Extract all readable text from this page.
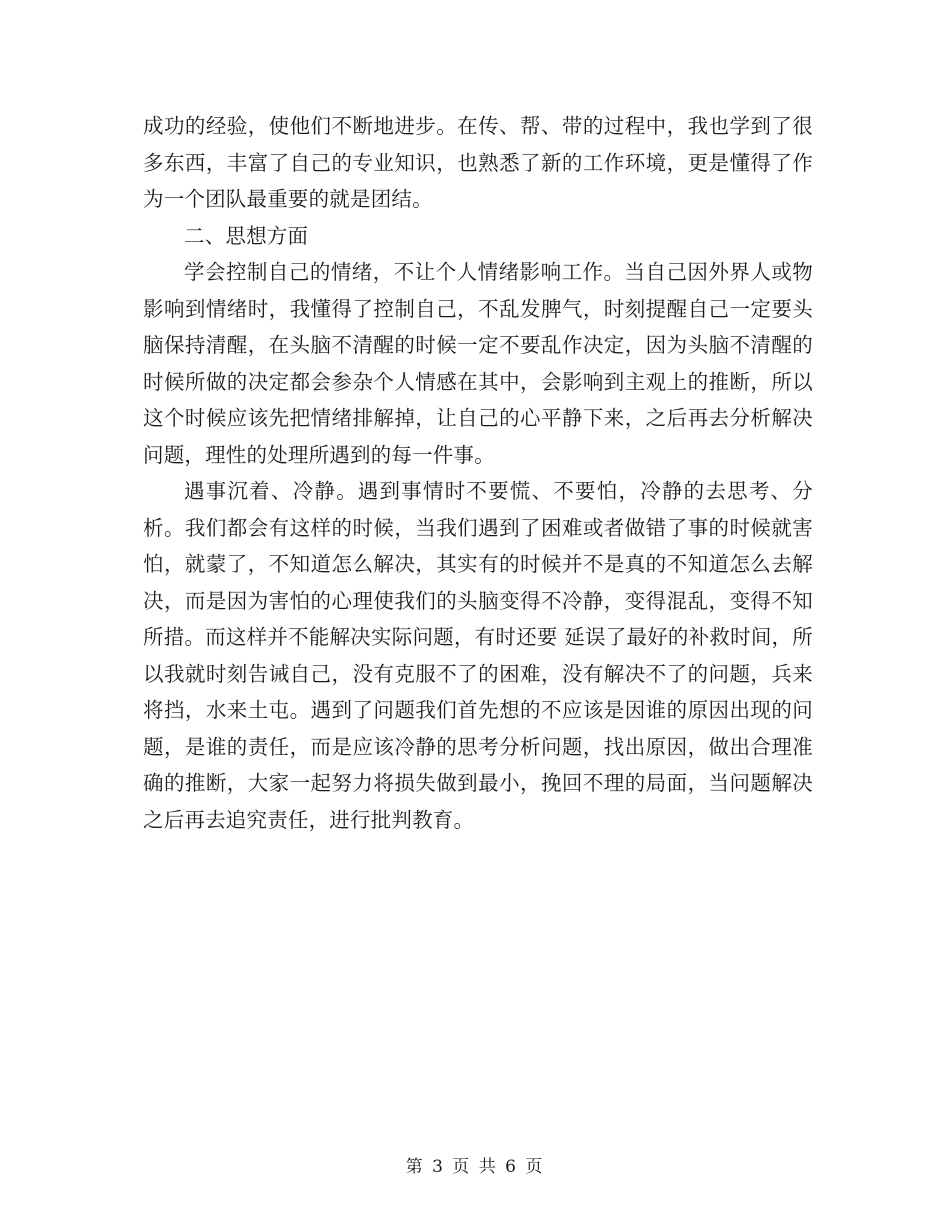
成功的经验，使他们不断地进步。在传、帮、带的过程中，我也学到了很多东西，丰富了自己的专业知识，也熟悉了新的工作环境，更是懂得了作为一个团队最重要的就是团结。

二、思想方面

学会控制自己的情绪，不让个人情绪影响工作。当自己因外界人或物影响到情绪时，我懂得了控制自己，不乱发脾气，时刻提醒自己一定要头脑保持清醒，在头脑不清醒的时候一定不要乱作决定，因为头脑不清醒的时候所做的决定都会参杂个人情感在其中，会影响到主观上的推断，所以这个时候应该先把情绪排解掉，让自己的心平静下来，之后再去分析解决问题，理性的处理所遇到的每一件事。

遇事沉着、冷静。遇到事情时不要慌、不要怕，冷静的去思考、分析。我们都会有这样的时候，当我们遇到了困难或者做错了事的时候就害怕，就蒙了，不知道怎么解决，其实有的时候并不是真的不知道怎么去解决，而是因为害怕的心理使我们的头脑变得不冷静，变得混乱，变得不知所措。而这样并不能解决实际问题，有时还要 延误了最好的补救时间，所以我就时刻告诫自己，没有克服不了的困难，没有解决不了的问题，兵来将挡，水来土屯。遇到了问题我们首先想的不应该是因谁的原因出现的问题，是谁的责任，而是应该冷静的思考分析问题，找出原因，做出合理准确的推断，大家一起努力将损失做到最小，挽回不理的局面，当问题解决之后再去追究责任，进行批判教育。

第 3 页 共 6 页
